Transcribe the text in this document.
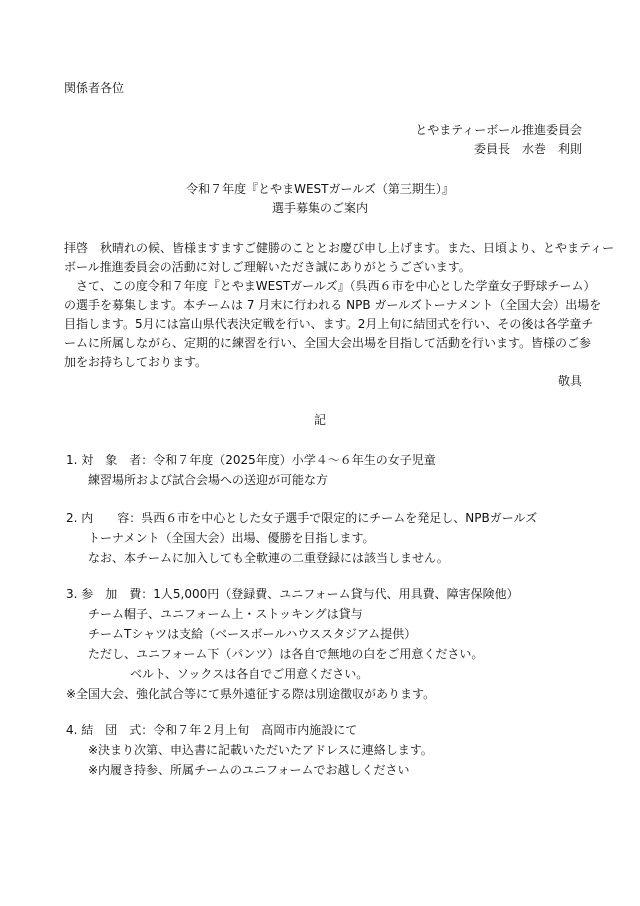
関係者各位
とやまティーボール推進委員会
委員長　水巻　利則
令和７年度『とやまWESTガールズ（第三期生）』
選手募集のご案内
拝啓　秋晴れの候、皆様ますますご健勝のこととお慶び申し上げます。また、日頃より、とやまティー
ボール推進委員会の活動に対しご理解いただき誠にありがとうございます。
　さて、この度令和７年度『とやまWESTガールズ』（呉西６市を中心とした学童女子野球チーム）
の選手を募集します。本チームは 7 月末に行われる NPB ガールズトーナメント（全国大会）出場を
目指します。5月には富山県代表決定戦を行い、ます。2月上旬に結団式を行い、その後は各学童チ
ームに所属しながら、定期的に練習を行い、全国大会出場を目指して活動を行います。皆様のご参
加をお持ちしております。
敬具
記
1. 対　象　者：令和７年度（2025年度）小学４～６年生の女子児童
練習場所および試合会場への送迎が可能な方
2. 内　　容：呉西６市を中心とした女子選手で限定的にチームを発足し、NPBガールズ
トーナメント（全国大会）出場、優勝を目指します。
なお、本チームに加入しても全軟連の二重登録には該当しません。
3. 参　加　費：1人5,000円（登録費、ユニフォーム貸与代、用具費、障害保険他）
チーム帽子、ユニフォーム上・ストッキングは貸与
チームTシャツは支給（ベースボールハウススタジアム提供）
ただし、ユニフォーム下（パンツ）は各自で無地の白をご用意ください。
ベルト、ソックスは各自でご用意ください。
※全国大会、強化試合等にて県外遠征する際は別途徴収があります。
4. 結　団　式：令和７年２月上旬　高岡市内施設にて
※決まり次第、申込書に記載いただいたアドレスに連絡します。
※内履き持参、所属チームのユニフォームでお越しください
